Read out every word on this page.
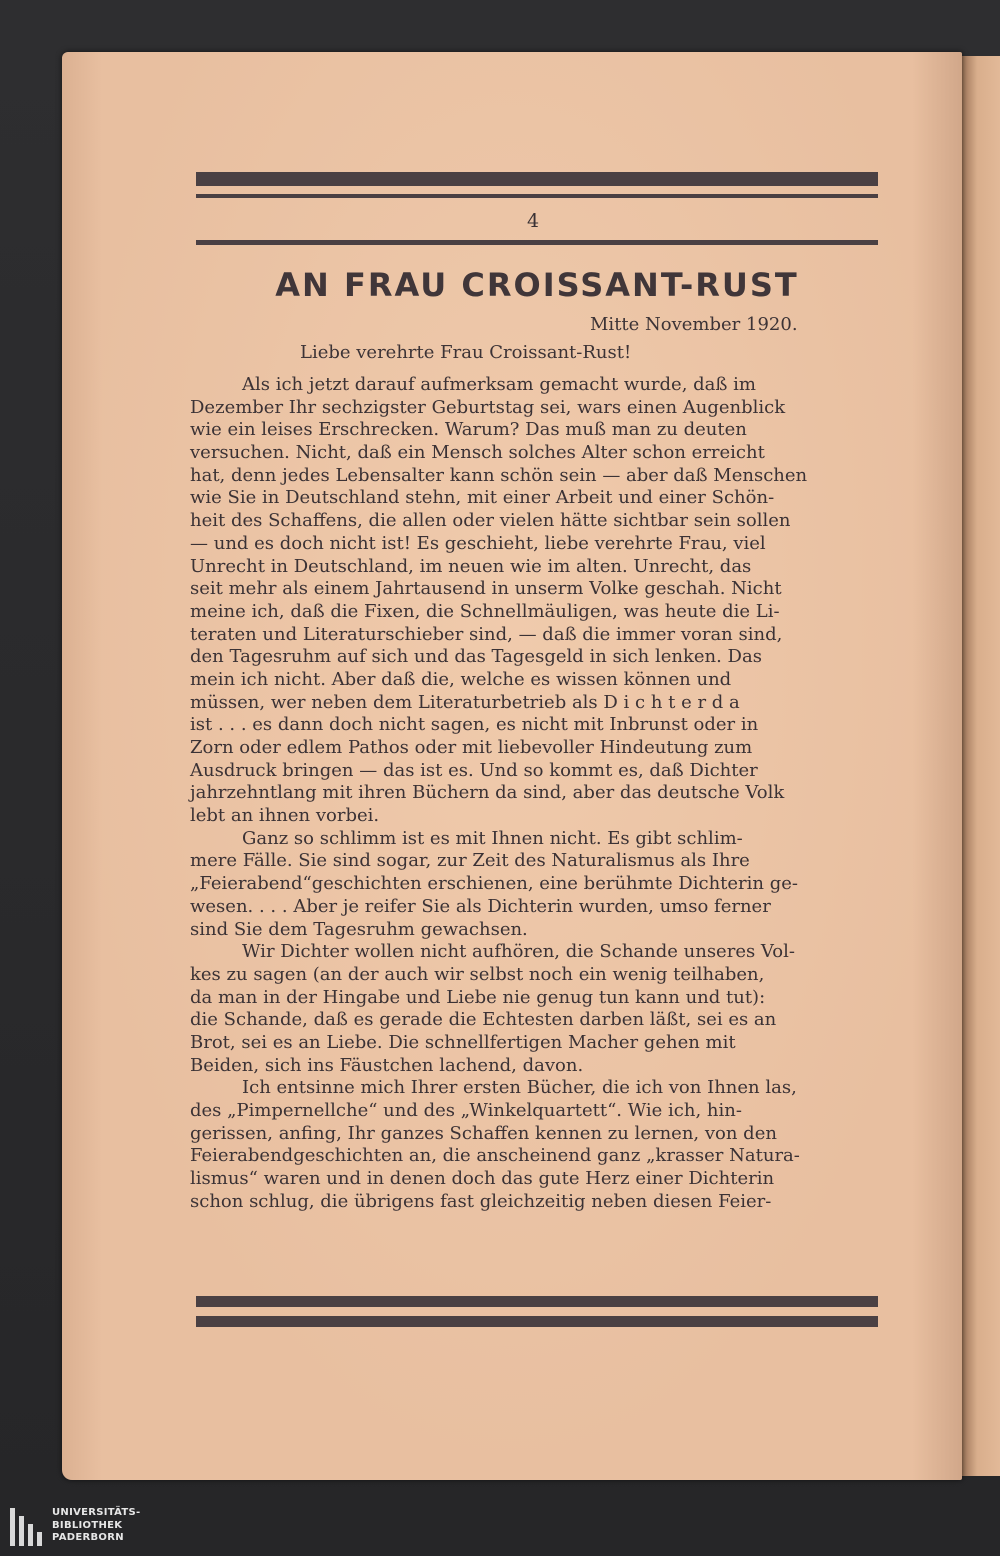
4
AN FRAU CROISSANT-RUST
Mitte November 1920.
Liebe verehrte Frau Croissant-Rust!
Als ich jetzt darauf aufmerksam gemacht wurde, daß im
Dezember Ihr sechzigster Geburtstag sei, wars einen Augenblick
wie ein leises Erschrecken. Warum? Das muß man zu deuten
versuchen. Nicht, daß ein Mensch solches Alter schon erreicht
hat, denn jedes Lebensalter kann schön sein — aber daß Menschen
wie Sie in Deutschland stehn, mit einer Arbeit und einer Schön-
heit des Schaffens, die allen oder vielen hätte sichtbar sein sollen
— und es doch nicht ist! Es geschieht, liebe verehrte Frau, viel
Unrecht in Deutschland, im neuen wie im alten. Unrecht, das
seit mehr als einem Jahrtausend in unserm Volke geschah. Nicht
meine ich, daß die Fixen, die Schnellmäuligen, was heute die Li-
teraten und Literaturschieber sind, — daß die immer voran sind,
den Tagesruhm auf sich und das Tagesgeld in sich lenken. Das
mein ich nicht. Aber daß die, welche es wissen können und
müssen, wer neben dem Literaturbetrieb als D i c h t e r d a
ist . . . es dann doch nicht sagen, es nicht mit Inbrunst oder in
Zorn oder edlem Pathos oder mit liebevoller Hindeutung zum
Ausdruck bringen — das ist es. Und so kommt es, daß Dichter
jahrzehntlang mit ihren Büchern da sind, aber das deutsche Volk
lebt an ihnen vorbei.
Ganz so schlimm ist es mit Ihnen nicht. Es gibt schlim-
mere Fälle. Sie sind sogar, zur Zeit des Naturalismus als Ihre
„Feierabend“geschichten erschienen, eine berühmte Dichterin ge-
wesen. . . . Aber je reifer Sie als Dichterin wurden, umso ferner
sind Sie dem Tagesruhm gewachsen.
Wir Dichter wollen nicht aufhören, die Schande unseres Vol-
kes zu sagen (an der auch wir selbst noch ein wenig teilhaben,
da man in der Hingabe und Liebe nie genug tun kann und tut):
die Schande, daß es gerade die Echtesten darben läßt, sei es an
Brot, sei es an Liebe. Die schnellfertigen Macher gehen mit
Beiden, sich ins Fäustchen lachend, davon.
Ich entsinne mich Ihrer ersten Bücher, die ich von Ihnen las,
des „Pimpernellche“ und des „Winkelquartett“. Wie ich, hin-
gerissen, anfing, Ihr ganzes Schaffen kennen zu lernen, von den
Feierabendgeschichten an, die anscheinend ganz „krasser Natura-
lismus“ waren und in denen doch das gute Herz einer Dichterin
schon schlug, die übrigens fast gleichzeitig neben diesen Feier-
UNIVERSITÄTS-
BIBLIOTHEK
PADERBORN
